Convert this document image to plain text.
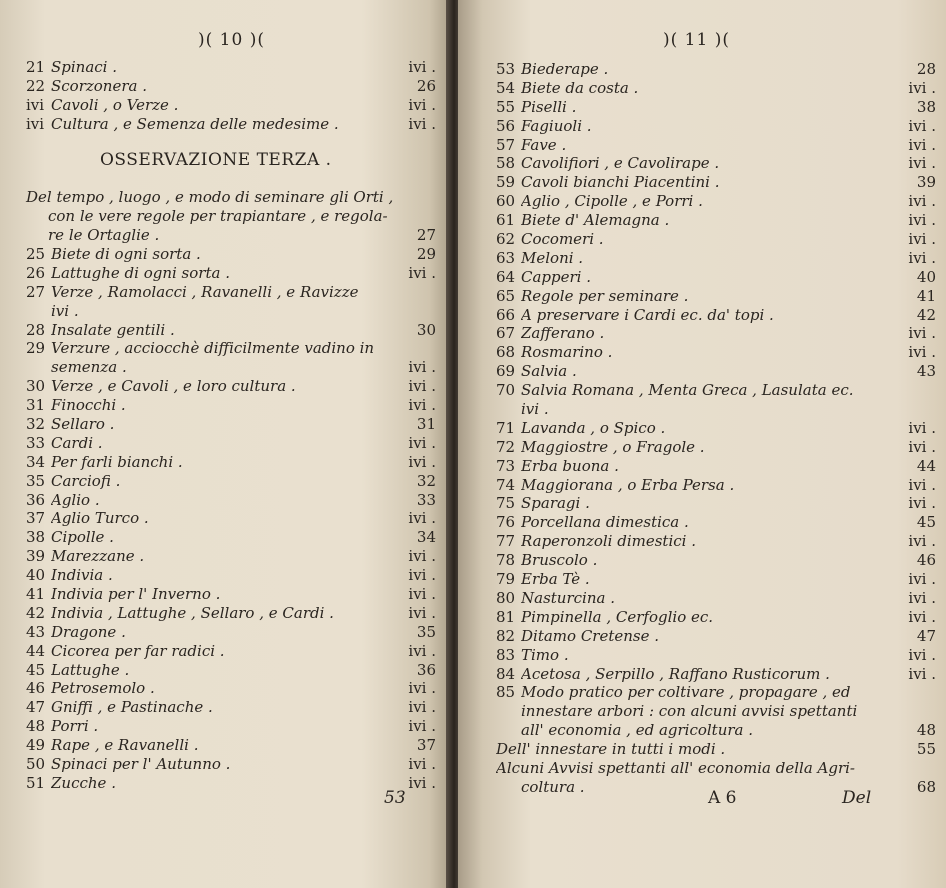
)( 10 )(
21 Spinaci .	ivi .
22 Scorzonera .	26
ivi Cavoli , o Verze .	ivi .
ivi Cultura , e Semenza delle medesime .	ivi .
OSSERVAZIONE TERZA .
Del tempo , luogo , e modo di seminare gli Orti ,
con le vere regole per trapiantare , e regola-
re le Ortaglie .	27
25 Biete di ogni sorta .	29
26 Lattughe di ogni sorta .	ivi .
27 Verze , Ramolacci , Ravanelli , e Ravizze
ivi .
28 Insalate gentili .	30
29 Verzure , acciocchè difficilmente vadino in
semenza .	ivi .
30 Verze , e Cavoli , e loro cultura .	ivi .
31 Finocchi .	ivi .
32 Sellaro .	31
33 Cardi .	ivi .
34 Per farli bianchi .	ivi .
35 Carciofi .	32
36 Aglio .	33
37 Aglio Turco .	ivi .
38 Cipolle .	34
39 Marezzane .	ivi .
40 Indivia .	ivi .
41 Indivia per l' Inverno .	ivi .
42 Indivia , Lattughe , Sellaro , e Cardi .	ivi .
43 Dragone .	35
44 Cicorea per far radici .	ivi .
45 Lattughe .	36
46 Petrosemolo .	ivi .
47 Gniffi , e Pastinache .	ivi .
48 Porri .	ivi .
49 Rape , e Ravanelli .	37
50 Spinaci per l' Autunno .	ivi .
51 Zucche .	ivi .
53
)( 11 )(
53 Biederape .	28
54 Biete da costa .	ivi .
55 Piselli .	38
56 Fagiuoli .	ivi .
57 Fave .	ivi .
58 Cavolifiori , e Cavolirape .	ivi .
59 Cavoli bianchi Piacentini .	39
60 Aglio , Cipolle , e Porri .	ivi .
61 Biete d' Alemagna .	ivi .
62 Cocomeri .	ivi .
63 Meloni .	ivi .
64 Capperi .	40
65 Regole per seminare .	41
66 A preservare i Cardi ec. da' topi .	42
67 Zafferano .	ivi .
68 Rosmarino .	ivi .
69 Salvia .	43
70 Salvia Romana , Menta Greca , Lasulata ec.
ivi .
71 Lavanda , o Spico .	ivi .
72 Maggiostre , o Fragole .	ivi .
73 Erba buona .	44
74 Maggiorana , o Erba Persa .	ivi .
75 Sparagi .	ivi .
76 Porcellana dimestica .	45
77 Raperonzoli dimestici .	ivi .
78 Bruscolo .	46
79 Erba Tè .	ivi .
80 Nasturcina .	ivi .
81 Pimpinella , Cerfoglio ec.	ivi .
82 Ditamo Cretense .	47
83 Timo .	ivi .
84 Acetosa , Serpillo , Raffano Rusticorum .	ivi .
85 Modo pratico per coltivare , propagare , ed
innestare arbori : con alcuni avvisi spettanti
all' economia , ed agricoltura .	48
Dell' innestare in tutti i modi .	55
Alcuni Avvisi spettanti all' economia della Agri-
coltura .	68
A 6	Del
